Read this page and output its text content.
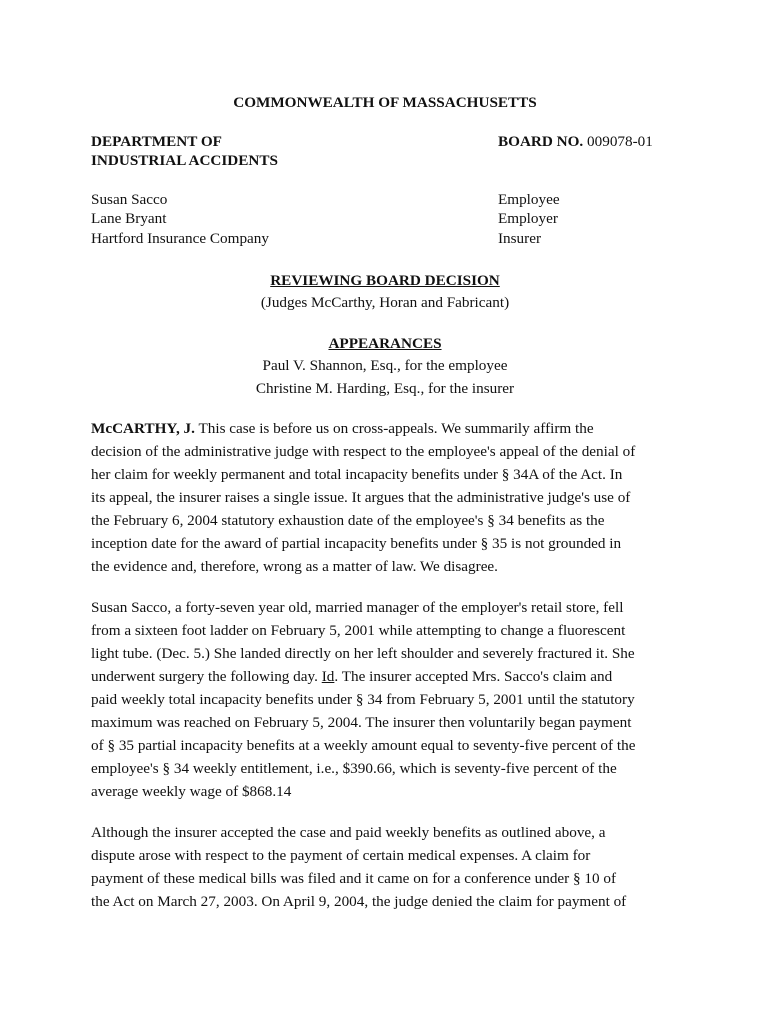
COMMONWEALTH OF MASSACHUSETTS
DEPARTMENT OF
INDUSTRIAL ACCIDENTS
BOARD NO. 009078-01
Susan Sacco	Employee
Lane Bryant	Employer
Hartford Insurance Company	Insurer
REVIEWING BOARD DECISION
(Judges McCarthy, Horan and Fabricant)
APPEARANCES
Paul V. Shannon, Esq., for the employee
Christine M. Harding, Esq., for the insurer
McCARTHY, J. This case is before us on cross-appeals. We summarily affirm the
decision of the administrative judge with respect to the employee's appeal of the denial of
her claim for weekly permanent and total incapacity benefits under § 34A of the Act. In
its appeal, the insurer raises a single issue. It argues that the administrative judge's use of
the February 6, 2004 statutory exhaustion date of the employee's § 34 benefits as the
inception date for the award of partial incapacity benefits under § 35 is not grounded in
the evidence and, therefore, wrong as a matter of law. We disagree.
Susan Sacco, a forty-seven year old, married manager of the employer's retail store, fell
from a sixteen foot ladder on February 5, 2001 while attempting to change a fluorescent
light tube. (Dec. 5.) She landed directly on her left shoulder and severely fractured it. She
underwent surgery the following day. Id. The insurer accepted Mrs. Sacco's claim and
paid weekly total incapacity benefits under § 34 from February 5, 2001 until the statutory
maximum was reached on February 5, 2004. The insurer then voluntarily began payment
of § 35 partial incapacity benefits at a weekly amount equal to seventy-five percent of the
employee's § 34 weekly entitlement, i.e., $390.66, which is seventy-five percent of the
average weekly wage of $868.14
Although the insurer accepted the case and paid weekly benefits as outlined above, a
dispute arose with respect to the payment of certain medical expenses. A claim for
payment of these medical bills was filed and it came on for a conference under § 10 of
the Act on March 27, 2003. On April 9, 2004, the judge denied the claim for payment of
